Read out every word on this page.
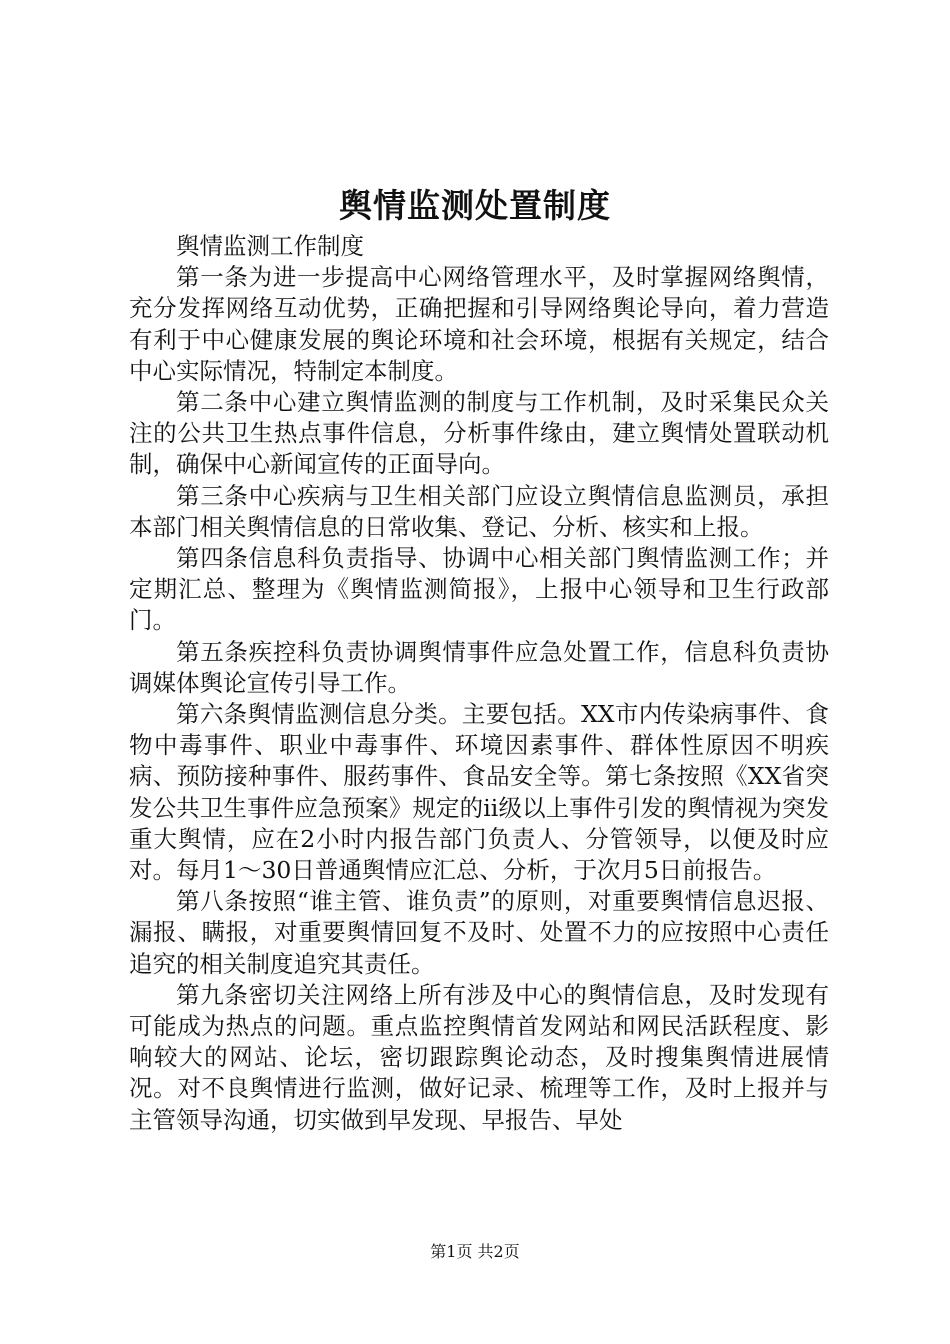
舆情监测处置制度

舆情监测工作制度

第一条为进一步提高中心网络管理水平，及时掌握网络舆情，充分发挥网络互动优势，正确把握和引导网络舆论导向，着力营造有利于中心健康发展的舆论环境和社会环境，根据有关规定，结合中心实际情况，特制定本制度。

第二条中心建立舆情监测的制度与工作机制，及时采集民众关注的公共卫生热点事件信息，分析事件缘由，建立舆情处置联动机制，确保中心新闻宣传的正面导向。

第三条中心疾病与卫生相关部门应设立舆情信息监测员，承担本部门相关舆情信息的日常收集、登记、分析、核实和上报。

第四条信息科负责指导、协调中心相关部门舆情监测工作；并定期汇总、整理为《舆情监测简报》，上报中心领导和卫生行政部门。

第五条疾控科负责协调舆情事件应急处置工作，信息科负责协调媒体舆论宣传引导工作。

第六条舆情监测信息分类。主要包括。XX市内传染病事件、食物中毒事件、职业中毒事件、环境因素事件、群体性原因不明疾病、预防接种事件、服药事件、食品安全等。第七条按照《XX省突发公共卫生事件应急预案》规定的ii级以上事件引发的舆情视为突发重大舆情，应在2小时内报告部门负责人、分管领导，以便及时应对。每月1～30日普通舆情应汇总、分析，于次月5日前报告。

第八条按照“谁主管、谁负责”的原则，对重要舆情信息迟报、漏报、瞒报，对重要舆情回复不及时、处置不力的应按照中心责任追究的相关制度追究其责任。

第九条密切关注网络上所有涉及中心的舆情信息，及时发现有可能成为热点的问题。重点监控舆情首发网站和网民活跃程度、影响较大的网站、论坛，密切跟踪舆论动态，及时搜集舆情进展情况。对不良舆情进行监测，做好记录、梳理等工作，及时上报并与主管领导沟通，切实做到早发现、早报告、早处

第1页 共2页
